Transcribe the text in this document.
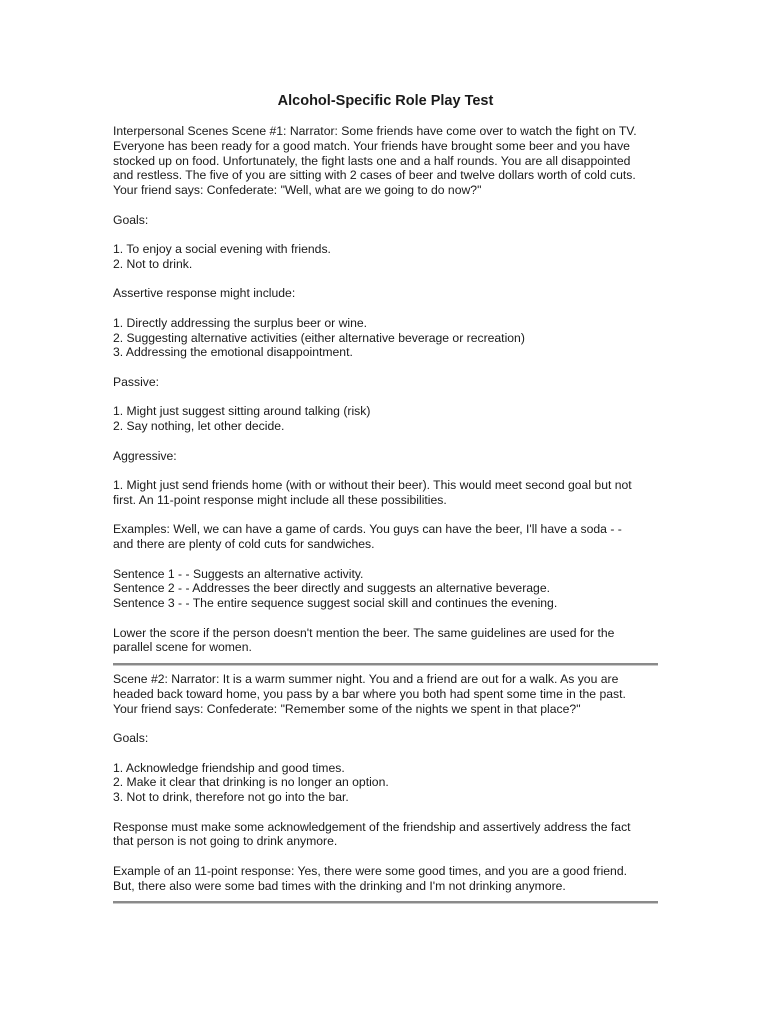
Alcohol-Specific Role Play Test
Interpersonal Scenes Scene #1: Narrator: Some friends have come over to watch the fight on TV.
Everyone has been ready for a good match. Your friends have brought some beer and you have
stocked up on food. Unfortunately, the fight lasts one and a half rounds. You are all disappointed
and restless. The five of you are sitting with 2 cases of beer and twelve dollars worth of cold cuts.
Your friend says: Confederate: "Well, what are we going to do now?"
Goals:
1. To enjoy a social evening with friends.
2. Not to drink.
Assertive response might include:
1. Directly addressing the surplus beer or wine.
2. Suggesting alternative activities (either alternative beverage or recreation)
3. Addressing the emotional disappointment.
Passive:
1. Might just suggest sitting around talking (risk)
2. Say nothing, let other decide.
Aggressive:
1. Might just send friends home (with or without their beer). This would meet second goal but not
first. An 11-point response might include all these possibilities.
Examples: Well, we can have a game of cards. You guys can have the beer, I'll have a soda - -
and there are plenty of cold cuts for sandwiches.
Sentence 1 - - Suggests an alternative activity.
Sentence 2 - - Addresses the beer directly and suggests an alternative beverage.
Sentence 3 - - The entire sequence suggest social skill and continues the evening.
Lower the score if the person doesn't mention the beer. The same guidelines are used for the
parallel scene for women.
Scene #2: Narrator: It is a warm summer night. You and a friend are out for a walk. As you are
headed back toward home, you pass by a bar where you both had spent some time in the past.
Your friend says: Confederate: "Remember some of the nights we spent in that place?"
Goals:
1. Acknowledge friendship and good times.
2. Make it clear that drinking is no longer an option.
3. Not to drink, therefore not go into the bar.
Response must make some acknowledgement of the friendship and assertively address the fact
that person is not going to drink anymore.
Example of an 11-point response: Yes, there were some good times, and you are a good friend.
But, there also were some bad times with the drinking and I'm not drinking anymore.
